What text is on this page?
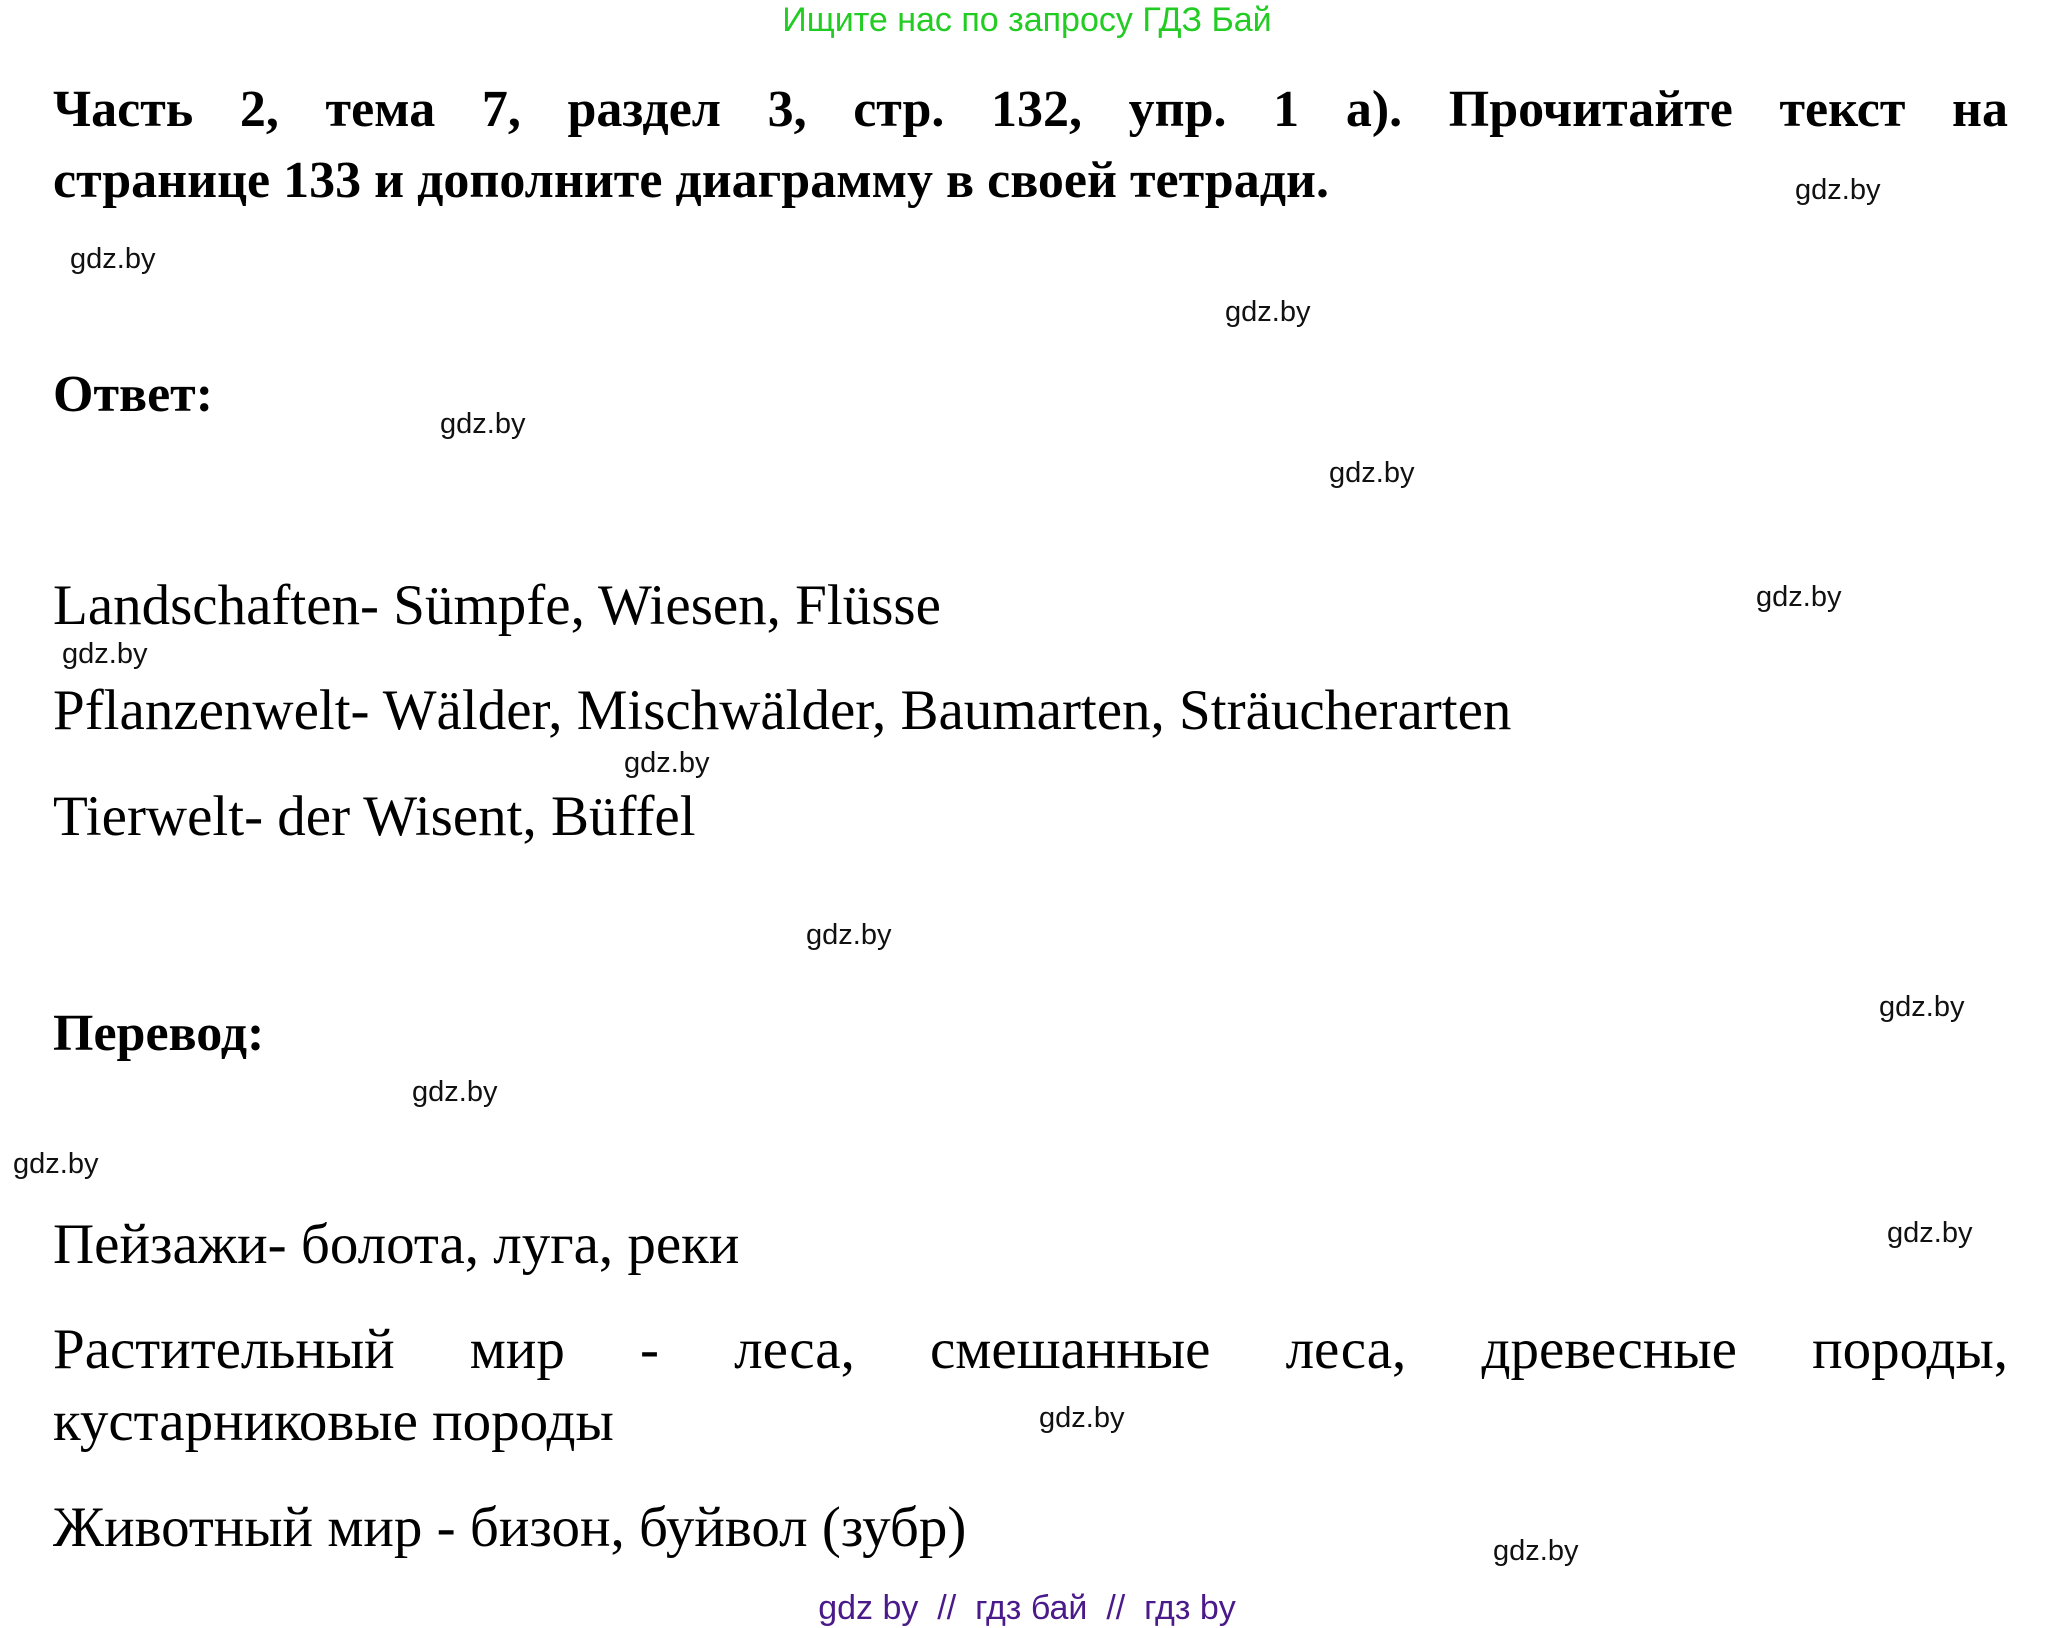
Ищите нас по запросу ГДЗ Бай
Часть 2, тема 7, раздел 3, стр. 132, упр. 1 а). Прочитайте текст на
странице 133 и дополните диаграмму в своей тетради.
Ответ:
Landschaften- Sümpfe, Wiesen, Flüsse
Pflanzenwelt- Wälder, Mischwälder, Baumarten, Sträucherarten
Tierwelt- der Wisent, Büffel
Перевод:
Пейзажи- болота, луга, реки
Растительный мир - леса, смешанные леса, древесные породы,
кустарниковые породы
Животный мир - бизон, буйвол (зубр)
gdz.by
gdz.by
gdz.by
gdz.by
gdz.by
gdz.by
gdz.by
gdz.by
gdz.by
gdz.by
gdz.by
gdz.by
gdz.by
gdz.by
gdz.by
gdz by  //  гдз бай  //  гдз by
